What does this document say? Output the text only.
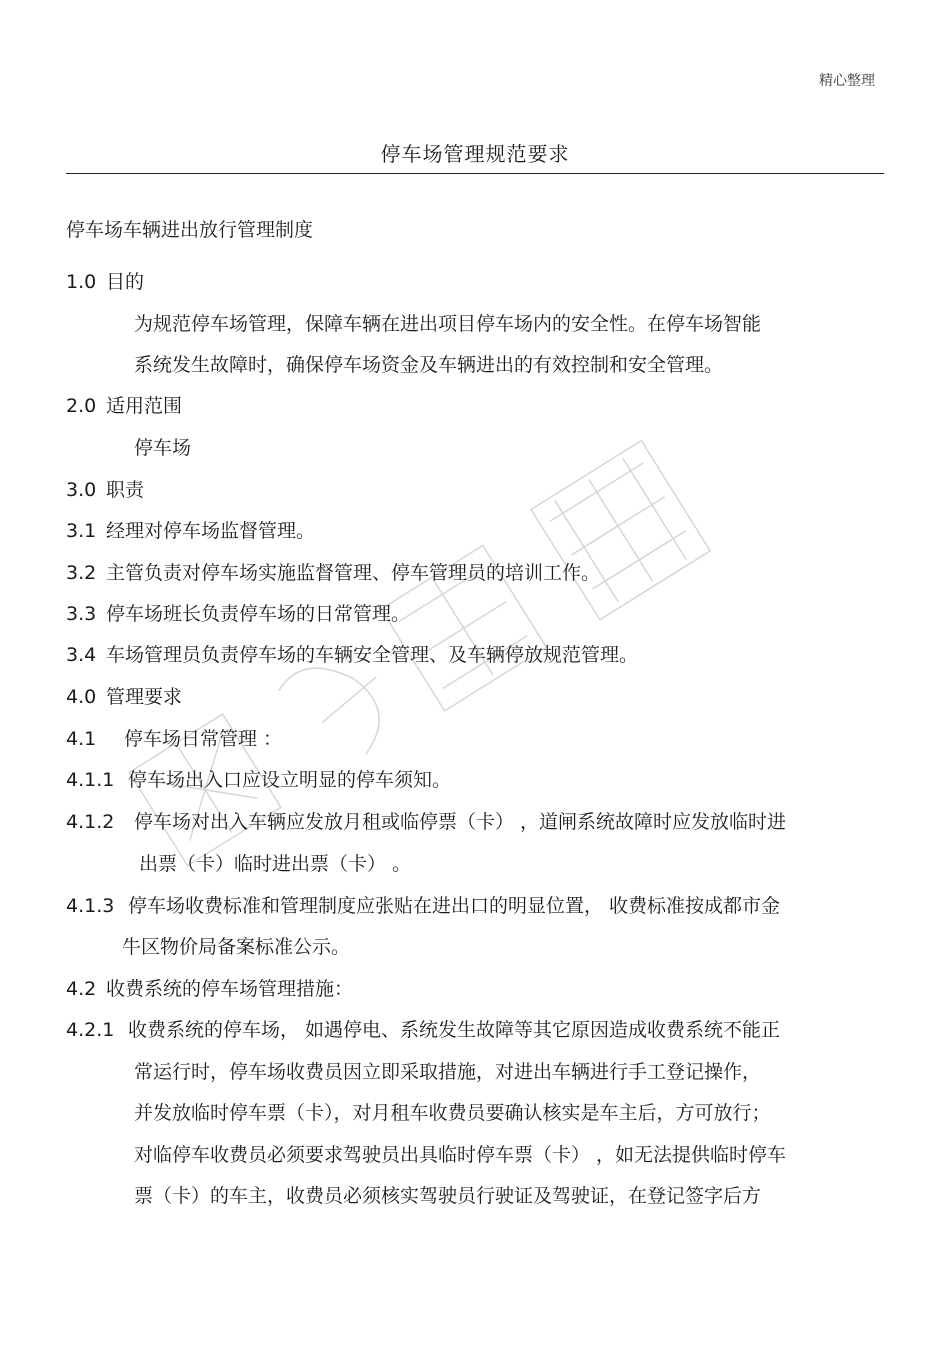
精心整理
停车场管理规范要求
停车场车辆进出放行管理制度
1.0 目的
为规范停车场管理，保障车辆在进出项目停车场内的安全性。在停车场智能
系统发生故障时，确保停车场资金及车辆进出的有效控制和安全管理。
2.0 适用范围
停车场
3.0 职责
3.1 经理对停车场监督管理。
3.2 主管负责对停车场实施监督管理、停车管理员的培训工作。
3.3 停车场班长负责停车场的日常管理。
3.4 车场管理员负责停车场的车辆安全管理、及车辆停放规范管理。
4.0 管理要求
4.1 停车场日常管理 ：
4.1.1 停车场出入口应设立明显的停车须知。
4.1.2 停车场对出入车辆应发放月租或临停票（卡） ，道闸系统故障时应发放临时进
出票（卡）临时进出票（卡） 。
4.1.3 停车场收费标准和管理制度应张贴在进出口的明显位置， 收费标准按成都市金
牛区物价局备案标准公示。
4.2 收费系统的停车场管理措施：
4.2.1 收费系统的停车场， 如遇停电、系统发生故障等其它原因造成收费系统不能正
常运行时，停车场收费员因立即采取措施，对进出车辆进行手工登记操作，
并发放临时停车票（卡），对月租车收费员要确认核实是车主后，方可放行；
对临停车收费员必须要求驾驶员出具临时停车票（卡） ，如无法提供临时停车
票（卡）的车主，收费员必须核实驾驶员行驶证及驾驶证，在登记签字后方
